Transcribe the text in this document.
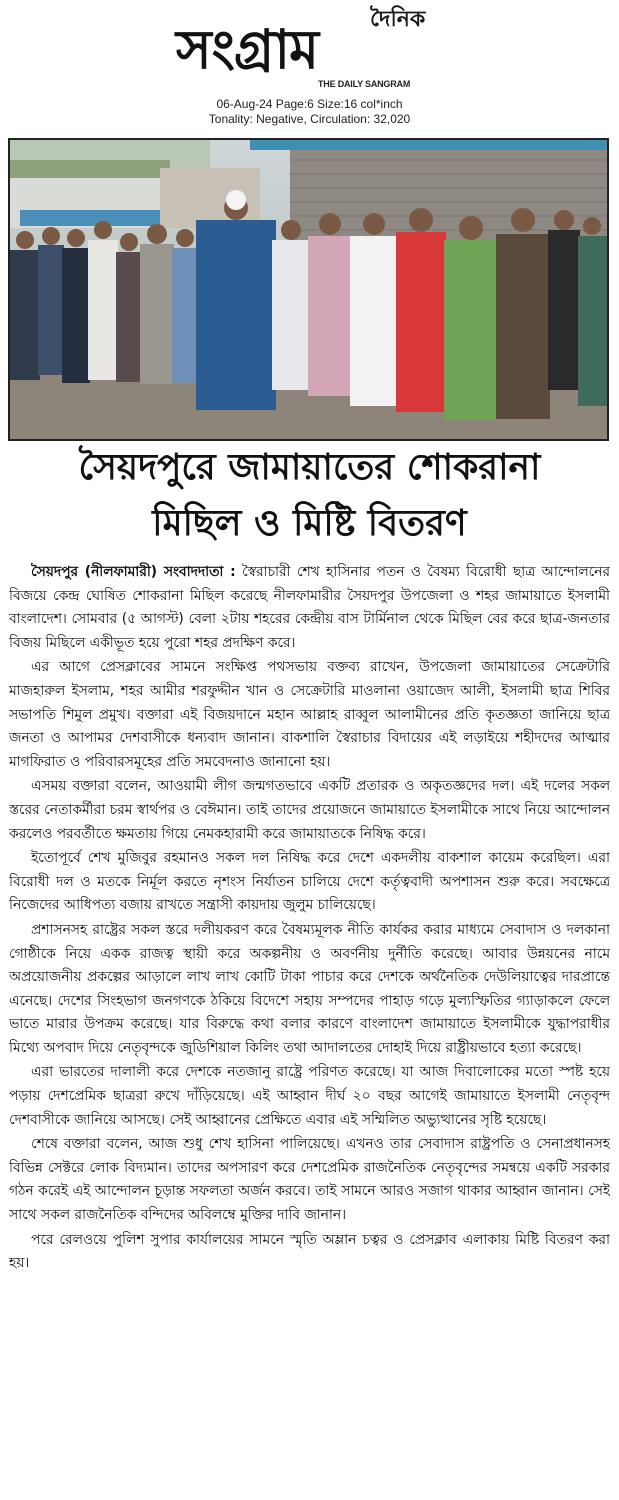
দৈনিক
সংগ্রাম
THE DAILY SANGRAM
06-Aug-24 Page:6 Size:16 col*inch
Tonality: Negative, Circulation: 32,020
সৈয়দপুরে জামায়াতের শোকরানা
মিছিল ও মিষ্টি বিতরণ

সৈয়দপুর (নীলফামারী) সংবাদদাতা : স্বৈরাচারী শেখ হাসিনার পতন ও বৈষম্য বিরোধী ছাত্র আন্দোলনের বিজয়ে কেন্দ্র ঘোষিত শোকরানা মিছিল করেছে নীলফামারীর সৈয়দপুর উপজেলা ও শহর জামায়াতে ইসলামী বাংলাদেশ। সোমবার (৫ আগস্ট) বেলা ২টায় শহরের কেন্দ্রীয় বাস টার্মিনাল থেকে মিছিল বের করে ছাত্র-জনতার বিজয় মিছিলে একীভূত হয়ে পুরো শহর প্রদক্ষিণ করে।

এর আগে প্রেসক্লাবের সামনে সংক্ষিপ্ত পথসভায় বক্তব্য রাখেন, উপজেলা জামায়াতের সেক্রেটারি মাজহারুল ইসলাম, শহর আমীর শরফুদ্দীন খান ও সেক্রেটারি মাওলানা ওয়াজেদ আলী, ইসলামী ছাত্র শিবির সভাপতি শিমুল প্রমুখ। বক্তারা এই বিজয়দানে মহান আল্লাহ রাব্বুল আলামীনের প্রতি কৃতজ্ঞতা জানিয়ে ছাত্র জনতা ও আপামর দেশবাসীকে ধন্যবাদ জানান। বাকশালি স্বৈরাচার বিদায়ের এই লড়াইয়ে শহীদদের আত্মার মাগফিরাত ও পরিবারসমূহের প্রতি সমবেদনাও জানানো হয়।

এসময় বক্তারা বলেন, আওয়ামী লীগ জন্মগতভাবে একটি প্রতারক ও অকৃতজ্ঞদের দল। এই দলের সকল স্তরের নেতাকর্মীরা চরম স্বার্থপর ও বেঈমান। তাই তাদের প্রয়োজনে জামায়াতে ইসলামীকে সাথে নিয়ে আন্দোলন করলেও পরবর্তীতে ক্ষমতায় গিয়ে নেমকহারামী করে জামায়াতকে নিষিদ্ধ করে।

ইতোপূর্বে শেখ মুজিবুর রহমানও সকল দল নিষিদ্ধ করে দেশে একদলীয় বাকশাল কায়েম করেছিল। এরা বিরোধী দল ও মতকে নির্মূল করতে নৃশংস নির্যাতন চালিয়ে দেশে কর্তৃত্ববাদী অপশাসন শুরু করে। সবক্ষেত্রে নিজেদের আধিপত্য বজায় রাখতে সন্ত্রাসী কায়দায় জুলুম চালিয়েছে।

প্রশাসনসহ রাষ্ট্রের সকল স্তরে দলীয়করণ করে বৈষম্যমূলক নীতি কার্যকর করার মাধ্যমে সেবাদাস ও দলকানা গোষ্ঠীকে নিয়ে একক রাজত্ব স্থায়ী করে অকল্পনীয় ও অবর্ণনীয় দুর্নীতি করেছে। আবার উন্নয়নের নামে অপ্রয়োজনীয় প্রকল্পের আড়ালে লাখ লাখ কোটি টাকা পাচার করে দেশকে অর্থনৈতিক দেউলিয়াত্বের দারপ্রান্তে এনেছে। দেশের সিংহভাগ জনগণকে ঠকিয়ে বিদেশে সহায় সম্পদের পাহাড় গড়ে মুল্যস্ফিতির গ্যাড়াকলে ফেলে ভাতে মারার উপক্রম করেছে। যার বিরুদ্ধে কথা বলার কারণে বাংলাদেশ জামায়াতে ইসলামীকে যুদ্ধাপরাধীর মিথ্যে অপবাদ দিয়ে নেতৃবৃন্দকে জুডিশিয়াল কিলিং তথা আদালতের দোহাই দিয়ে রাষ্ট্রীয়ভাবে হত্যা করেছে।

এরা ভারতের দালালী করে দেশকে নতজানু রাষ্ট্রে পরিণত করেছে। যা আজ দিবালোকের মতো স্পষ্ট হয়ে পড়ায় দেশপ্রেমিক ছাত্ররা রুখে দাঁড়িয়েছে। এই আহ্বান দীর্ঘ ২০ বছর আগেই জামায়াতে ইসলামী নেতৃবৃন্দ দেশবাসীকে জানিয়ে আসছে। সেই আহ্বানের প্রেক্ষিতে এবার এই সম্মিলিত অভ্যুত্থানের সৃষ্টি হয়েছে।

শেষে বক্তারা বলেন, আজ শুধু শেখ হাসিনা পালিয়েছে। এখনও তার সেবাদাস রাষ্ট্রপতি ও সেনাপ্রধানসহ বিভিন্ন সেক্টরে লোক বিদ্যমান। তাদের অপসারণ করে দেশপ্রেমিক রাজনৈতিক নেতৃবৃন্দের সমন্বয়ে একটি সরকার গঠন করেই এই আন্দোলন চূড়ান্ত সফলতা অর্জন করবে। তাই সামনে আরও সজাগ থাকার আহ্বান জানান। সেই সাথে সকল রাজনৈতিক বন্দিদের অবিলম্বে মুক্তির দাবি জানান।

পরে রেলওয়ে পুলিশ সুপার কার্যালয়ের সামনে স্মৃতি অম্লান চত্বর ও প্রেসক্লাব এলাকায় মিষ্টি বিতরণ করা হয়।
